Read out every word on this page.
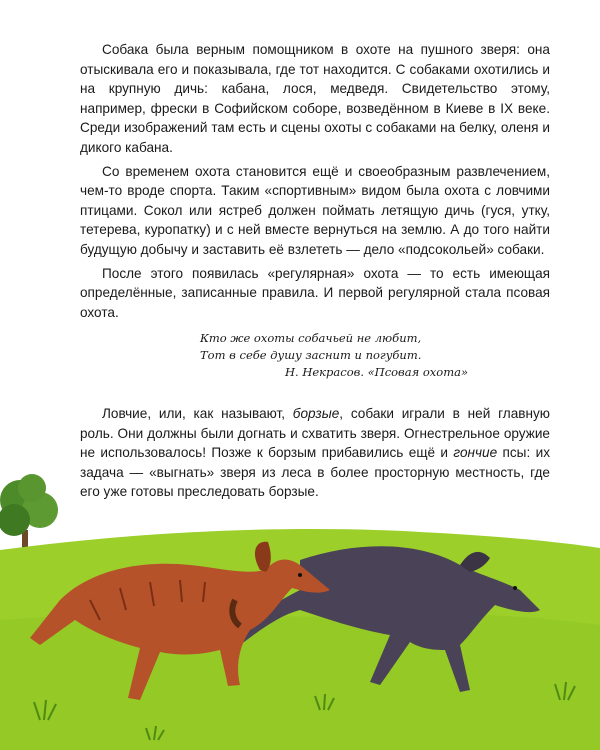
Собака была верным помощником в охоте на пушного зверя: она отыскивала его и показывала, где тот находится. С собаками охотились и на крупную дичь: кабана, лося, медведя. Свидетельство этому, например, фрески в Софийском соборе, возведённом в Киеве в IX веке. Среди изображений там есть и сцены охоты с собаками на белку, оленя и дикого кабана.

Со временем охота становится ещё и своеобразным развлечением, чем-то вроде спорта. Таким «спортивным» видом была охота с ловчими птицами. Сокол или ястреб должен поймать летящую дичь (гуся, утку, тетерева, куропатку) и с ней вместе вернуться на землю. А до того найти будущую добычу и заставить её взлететь — дело «подсокольей» собаки.

После этого появилась «регулярная» охота — то есть имеющая определённые, записанные правила. И первой регулярной стала псовая охота.

Кто же охоты собачьей не любит,
Тот в себе душу заснит и погубит.
Н. Некрасов. «Псовая охота»

Ловчие, или, как называют, борзые, собаки играли в ней главную роль. Они должны были догнать и схватить зверя. Огнестрельное оружие не использовалось! Позже к борзым прибавились ещё и гончие псы: их задача — «выгнать» зверя из леса в более просторную местность, где его уже готовы преследовать борзые.
